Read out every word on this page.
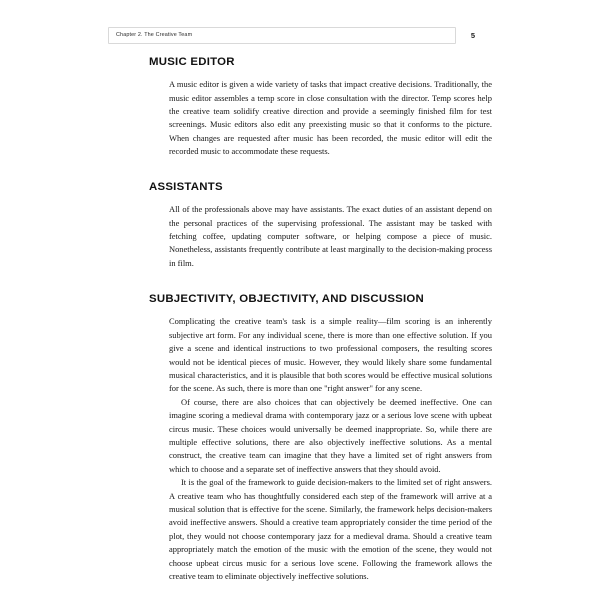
Chapter 2. The Creative Team	5
MUSIC EDITOR

A music editor is given a wide variety of tasks that impact creative decisions. Traditionally, the music editor assembles a temp score in close consultation with the director. Temp scores help the creative team solidify creative direction and provide a seemingly finished film for test screenings. Music editors also edit any preexisting music so that it conforms to the picture. When changes are requested after music has been recorded, the music editor will edit the recorded music to accommodate these requests.

ASSISTANTS

All of the professionals above may have assistants. The exact duties of an assistant depend on the personal practices of the supervising professional. The assistant may be tasked with fetching coffee, updating computer software, or helping compose a piece of music. Nonetheless, assistants frequently contribute at least marginally to the decision-making process in film.

SUBJECTIVITY, OBJECTIVITY, AND DISCUSSION

Complicating the creative team's task is a simple reality—film scoring is an inherently subjective art form. For any individual scene, there is more than one effective solution. If you give a scene and identical instructions to two professional composers, the resulting scores would not be identical pieces of music. However, they would likely share some fundamental musical characteristics, and it is plausible that both scores would be effective musical solutions for the scene. As such, there is more than one "right answer" for any scene.

Of course, there are also choices that can objectively be deemed ineffective. One can imagine scoring a medieval drama with contemporary jazz or a serious love scene with upbeat circus music. These choices would universally be deemed inappropriate. So, while there are multiple effective solutions, there are also objectively ineffective solutions. As a mental construct, the creative team can imagine that they have a limited set of right answers from which to choose and a separate set of ineffective answers that they should avoid.

It is the goal of the framework to guide decision-makers to the limited set of right answers. A creative team who has thoughtfully considered each step of the framework will arrive at a musical solution that is effective for the scene. Similarly, the framework helps decision-makers avoid ineffective answers. Should a creative team appropriately consider the time period of the plot, they would not choose contemporary jazz for a medieval drama. Should a creative team appropriately match the emotion of the music with the emotion of the scene, they would not choose upbeat circus music for a serious love scene. Following the framework allows the creative team to eliminate objectively ineffective solutions.
